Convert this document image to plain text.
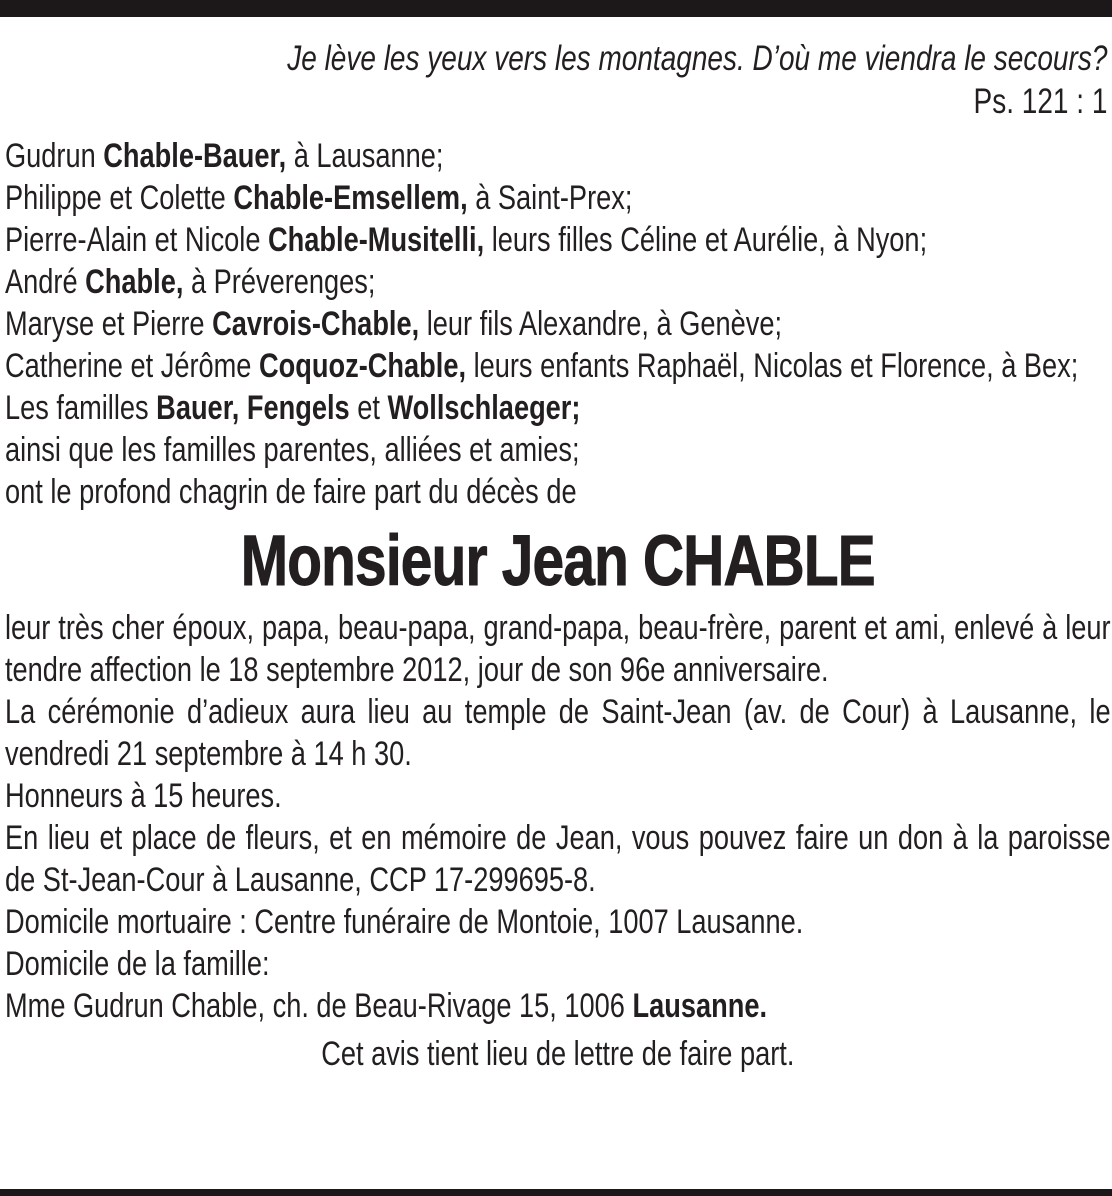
Je lève les yeux vers les montagnes. D’où me viendra le secours?
Ps. 121 : 1

Gudrun Chable-Bauer, à Lausanne;

Philippe et Colette Chable-Emsellem, à Saint-Prex;

Pierre-Alain et Nicole Chable-Musitelli, leurs filles Céline et Aurélie, à Nyon;

André Chable, à Préverenges;

Maryse et Pierre Cavrois-Chable, leur fils Alexandre, à Genève;

Catherine et Jérôme Coquoz-Chable, leurs enfants Raphaël, Nicolas et Florence, à Bex;

Les familles Bauer, Fengels et Wollschlaeger;

ainsi que les familles parentes, alliées et amies;

ont le profond chagrin de faire part du décès de

Monsieur Jean CHABLE

leur très cher époux, papa, beau-papa, grand-papa, beau-frère, parent et ami, enlevé à leur tendre affection le 18 septembre 2012, jour de son 96e anniversaire.

La cérémonie d’adieux aura lieu au temple de Saint-Jean (av. de Cour) à Lausanne, le vendredi 21 septembre à 14 h 30.

Honneurs à 15 heures.

En lieu et place de fleurs, et en mémoire de Jean, vous pouvez faire un don à la paroisse de St-Jean-Cour à Lausanne, CCP 17-299695-8.

Domicile mortuaire : Centre funéraire de Montoie, 1007 Lausanne.

Domicile de la famille:

Mme Gudrun Chable, ch. de Beau-Rivage 15, 1006 Lausanne.

Cet avis tient lieu de lettre de faire part.
